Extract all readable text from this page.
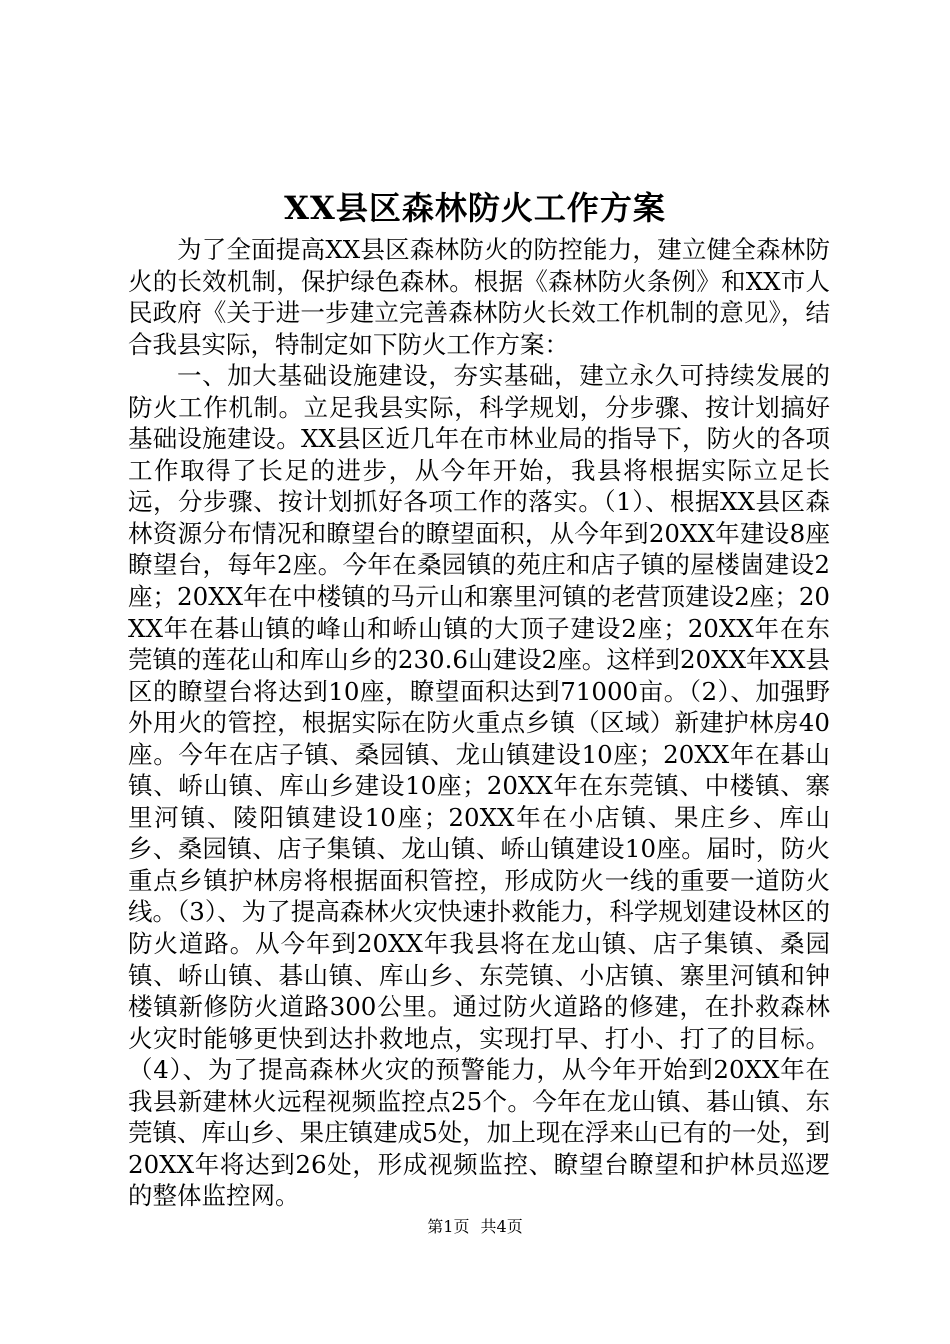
XX县区森林防火工作方案

为了全面提高XX县区森林防火的防控能力，建立健全森林防火的长效机制，保护绿色森林。根据《森林防火条例》和XX市人民政府《关于进一步建立完善森林防火长效工作机制的意见》，结合我县实际，特制定如下防火工作方案：

一、加大基础设施建设，夯实基础，建立永久可持续发展的防火工作机制。立足我县实际，科学规划，分步骤、按计划搞好基础设施建设。XX县区近几年在市林业局的指导下，防火的各项工作取得了长足的进步，从今年开始，我县将根据实际立足长远，分步骤、按计划抓好各项工作的落实。（1）、根据XX县区森林资源分布情况和瞭望台的瞭望面积，从今年到20XX年建设8座瞭望台，每年2座。今年在桑园镇的苑庄和店子镇的屋楼崮建设2座；20XX年在中楼镇的马亓山和寨里河镇的老营顶建设2座；20XX年在碁山镇的峰山和峤山镇的大顶子建设2座；20XX年在东莞镇的莲花山和库山乡的230.6山建设2座。这样到20XX年XX县区的瞭望台将达到10座，瞭望面积达到71000亩。（2）、加强野外用火的管控，根据实际在防火重点乡镇（区域）新建护林房40座。今年在店子镇、桑园镇、龙山镇建设10座；20XX年在碁山镇、峤山镇、库山乡建设10座；20XX年在东莞镇、中楼镇、寨里河镇、陵阳镇建设10座；20XX年在小店镇、果庄乡、库山乡、桑园镇、店子集镇、龙山镇、峤山镇建设10座。届时，防火重点乡镇护林房将根据面积管控，形成防火一线的重要一道防火线。（3）、为了提高森林火灾快速扑救能力，科学规划建设林区的防火道路。从今年到20XX年我县将在龙山镇、店子集镇、桑园镇、峤山镇、碁山镇、库山乡、东莞镇、小店镇、寨里河镇和钟楼镇新修防火道路300公里。通过防火道路的修建，在扑救森林火灾时能够更快到达扑救地点，实现打早、打小、打了的目标。（4）、为了提高森林火灾的预警能力，从今年开始到20XX年在我县新建林火远程视频监控点25个。今年在龙山镇、碁山镇、东莞镇、库山乡、果庄镇建成5处，加上现在浮来山已有的一处，到20XX年将达到26处，形成视频监控、瞭望台瞭望和护林员巡逻的整体监控网。

第1页 共4页
